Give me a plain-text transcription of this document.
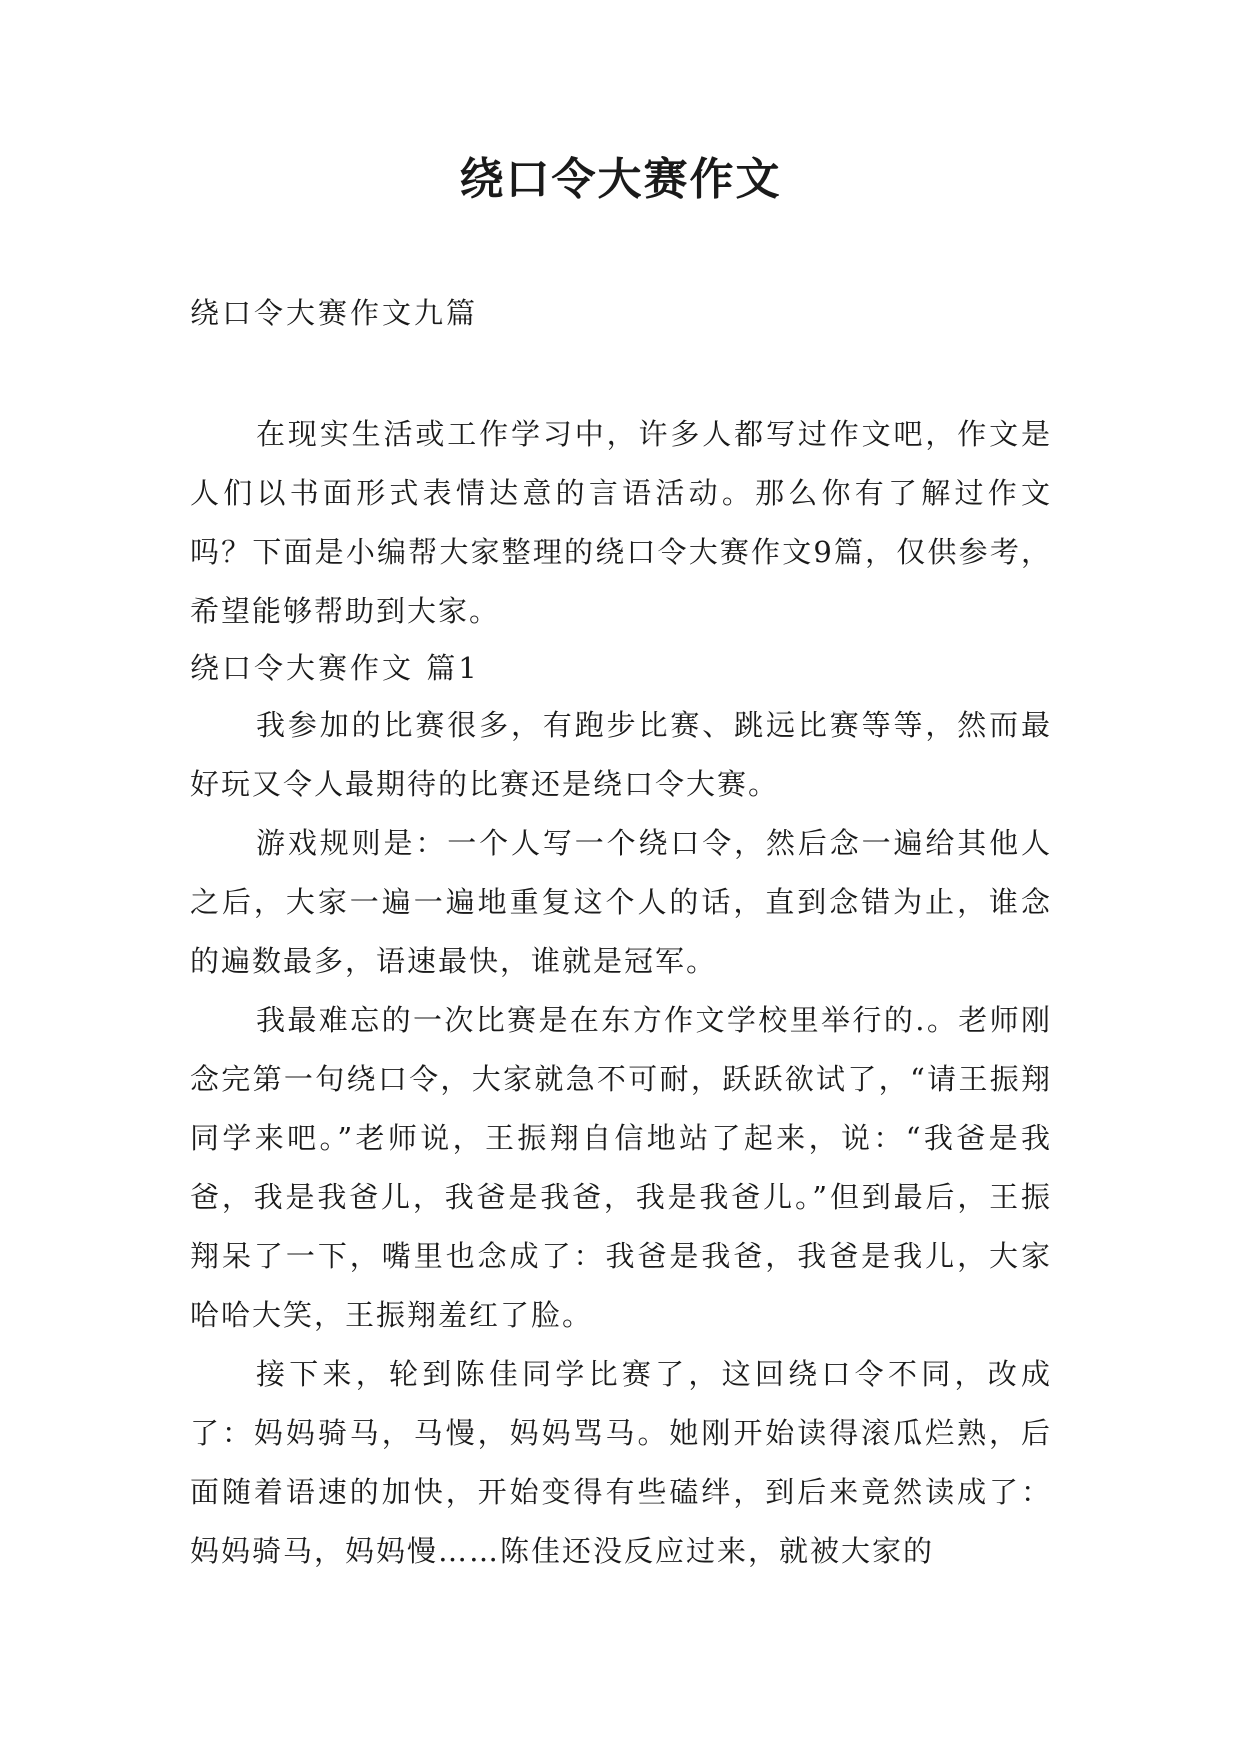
绕口令大赛作文

绕口令大赛作文九篇

在现实生活或工作学习中，许多人都写过作文吧，作文是人们以书面形式表情达意的言语活动。那么你有了解过作文吗？下面是小编帮大家整理的绕口令大赛作文9篇，仅供参考，希望能够帮助到大家。

绕口令大赛作文 篇1

我参加的比赛很多，有跑步比赛、跳远比赛等等，然而最好玩又令人最期待的比赛还是绕口令大赛。

游戏规则是：一个人写一个绕口令，然后念一遍给其他人之后，大家一遍一遍地重复这个人的话，直到念错为止，谁念的遍数最多，语速最快，谁就是冠军。

我最难忘的一次比赛是在东方作文学校里举行的.。老师刚念完第一句绕口令，大家就急不可耐，跃跃欲试了，“请王振翔同学来吧。”老师说，王振翔自信地站了起来，说：“我爸是我爸，我是我爸儿，我爸是我爸，我是我爸儿。”但到最后，王振翔呆了一下，嘴里也念成了：我爸是我爸，我爸是我儿，大家哈哈大笑，王振翔羞红了脸。

接下来，轮到陈佳同学比赛了，这回绕口令不同，改成了：妈妈骑马，马慢，妈妈骂马。她刚开始读得滚瓜烂熟，后面随着语速的加快，开始变得有些磕绊，到后来竟然读成了：妈妈骑马，妈妈慢……陈佳还没反应过来，就被大家的
